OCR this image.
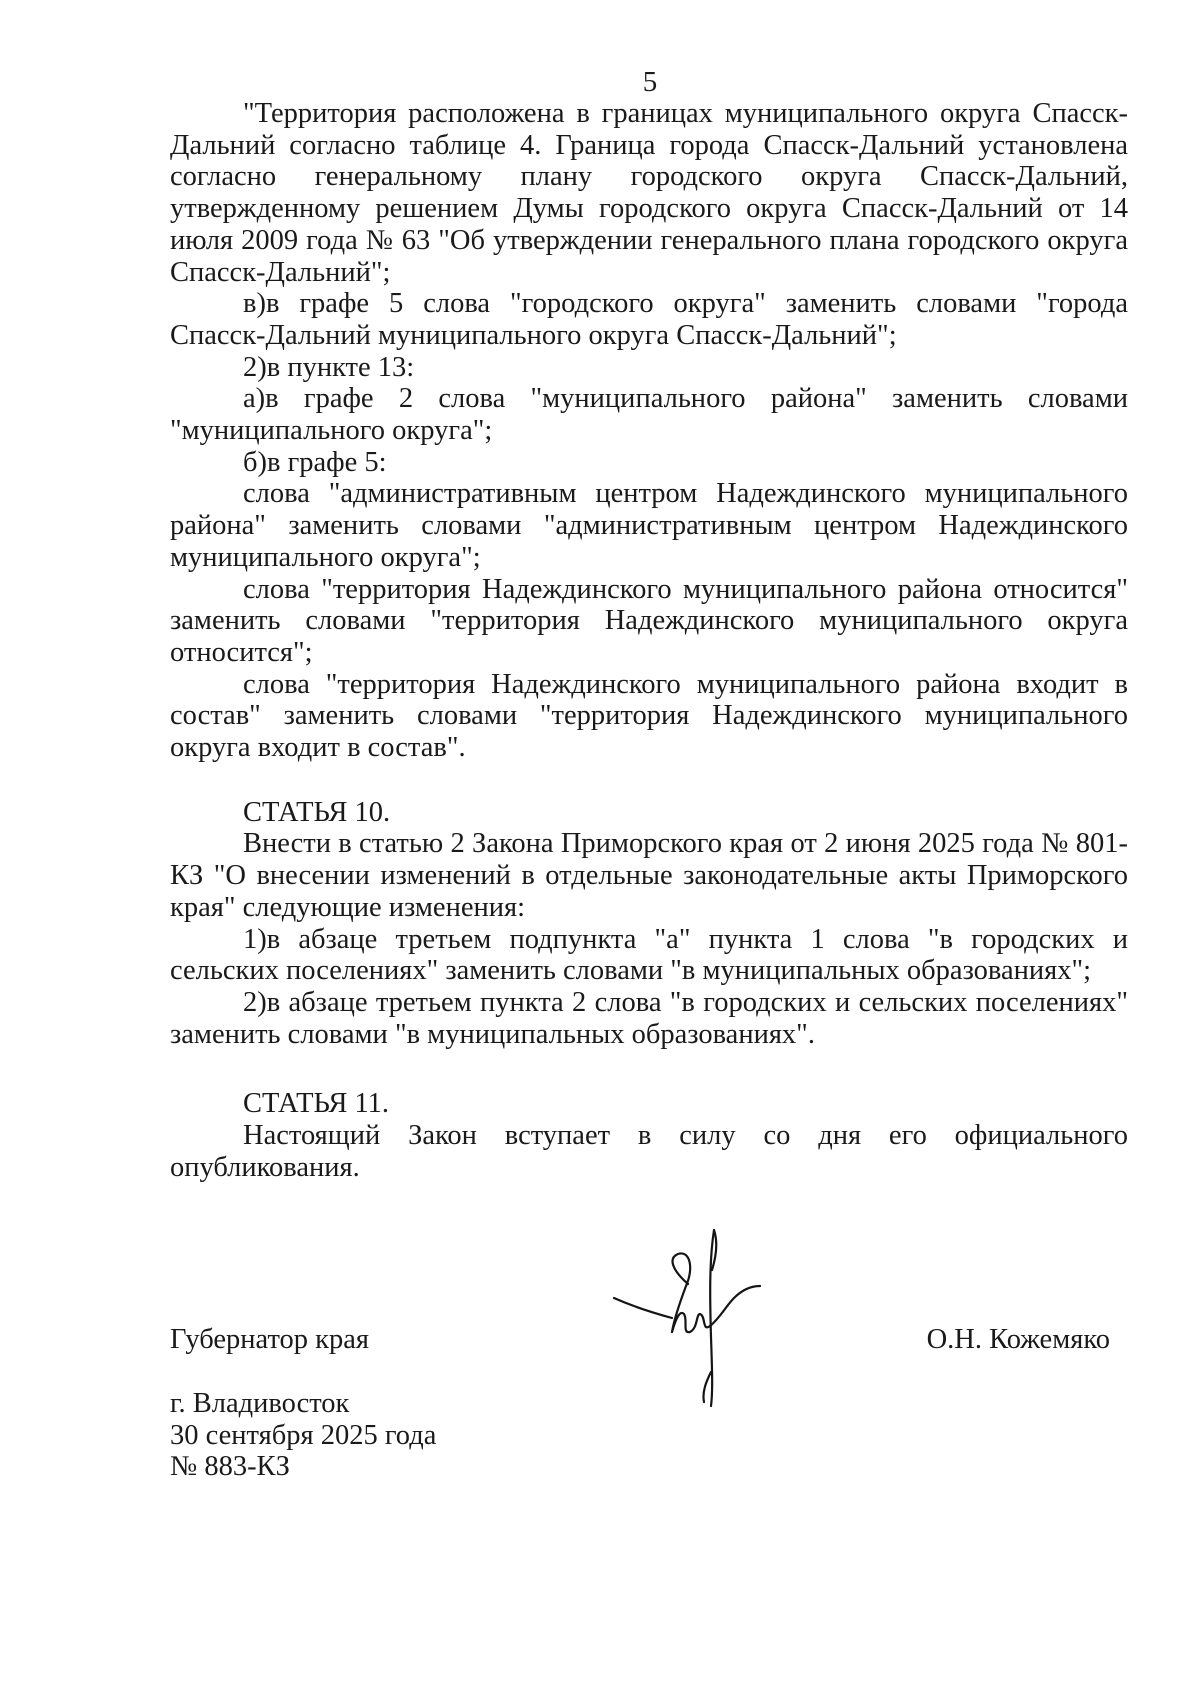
5

"Территория расположена в границах муниципального округа Спасск-Дальний согласно таблице 4. Граница города Спасск-Дальний установлена согласно генеральному плану городского округа Спасск-Дальний, утвержденному решением Думы городского округа Спасск-Дальний от 14 июля 2009 года № 63 "Об утверждении генерального плана городского округа Спасск-Дальний";

в)в графе 5 слова "городского округа" заменить словами "города Спасск-Дальний муниципального округа Спасск-Дальний";

2)в пункте 13:

а)в графе 2 слова "муниципального района" заменить словами "муниципального округа";

б)в графе 5:

слова "административным центром Надеждинского муниципального района" заменить словами "административным центром Надеждинского муниципального округа";

слова "территория Надеждинского муниципального района относится" заменить словами "территория Надеждинского муниципального округа относится";

слова "территория Надеждинского муниципального района входит в состав" заменить словами "территория Надеждинского муниципального округа входит в состав".

СТАТЬЯ 10.

Внести в статью 2 Закона Приморского края от 2 июня 2025 года № 801-КЗ "О внесении изменений в отдельные законодательные акты Приморского края" следующие изменения:

1)в абзаце третьем подпункта "а" пункта 1 слова "в городских и сельских поселениях" заменить словами "в муниципальных образованиях";

2)в абзаце третьем пункта 2 слова "в городских и сельских поселениях" заменить словами "в муниципальных образованиях".

СТАТЬЯ 11.

Настоящий Закон вступает в силу со дня его официального опубликования.

Губернатор края	О.Н. Кожемяко
г. Владивосток
30 сентября 2025 года
№ 883-КЗ
